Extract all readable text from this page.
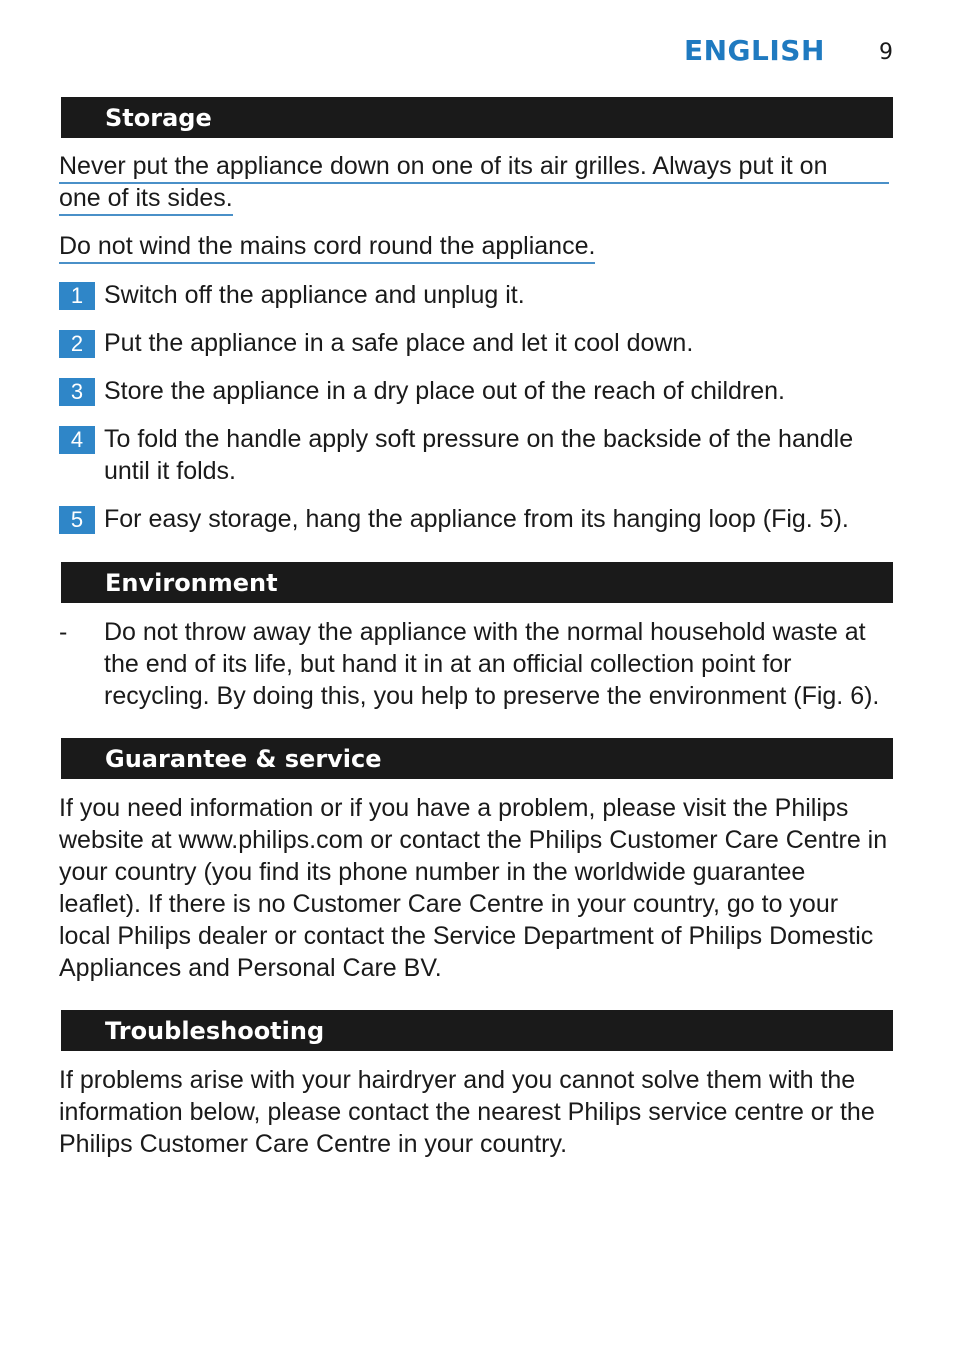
ENGLISH 9
Storage
Never put the appliance down on one of its air grilles. Always put it on
one of its sides.
Do not wind the mains cord round the appliance.
1 Switch off the appliance and unplug it.
2 Put the appliance in a safe place and let it cool down.
3 Store the appliance in a dry place out of the reach of children.
4 To fold the handle apply soft pressure on the backside of the handle until it folds.
5 For easy storage, hang the appliance from its hanging loop (Fig. 5).
Environment
- Do not throw away the appliance with the normal household waste at the end of its life, but hand it in at an official collection point for recycling. By doing this, you help to preserve the environment (Fig. 6).
Guarantee & service
If you need information or if you have a problem, please visit the Philips website at www.philips.com or contact the Philips Customer Care Centre in your country (you find its phone number in the worldwide guarantee leaflet). If there is no Customer Care Centre in your country, go to your local Philips dealer or contact the Service Department of Philips Domestic Appliances and Personal Care BV.
Troubleshooting
If problems arise with your hairdryer and you cannot solve them with the information below, please contact the nearest Philips service centre or the Philips Customer Care Centre in your country.
